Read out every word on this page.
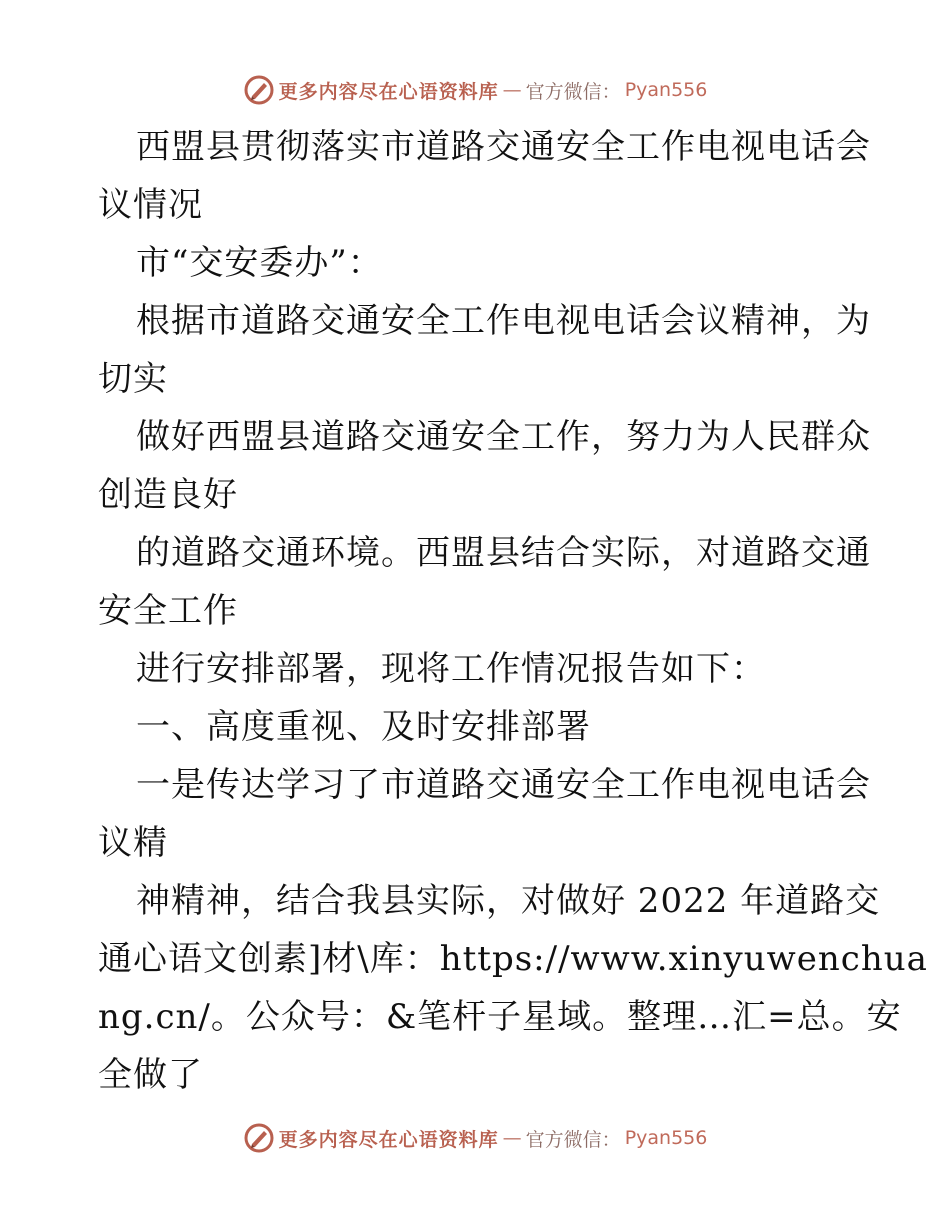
更多内容尽在心语资料库 — 官方微信： Pyan556
西盟县贯彻落实市道路交通安全工作电视电话会
议情况
市“交安委办”：
根据市道路交通安全工作电视电话会议精神，为
切实
做好西盟县道路交通安全工作，努力为人民群众
创造良好
的道路交通环境。西盟县结合实际，对道路交通
安全工作
进行安排部署，现将工作情况报告如下：
一、高度重视、及时安排部署
一是传达学习了市道路交通安全工作电视电话会
议精
神精神，结合我县实际，对做好 2022 年道路交
通心语文创素]材\库：https://www.xinyuwenchua
ng.cn/。公众号：&笔杆子星域。整理…汇=总。安
全做了
更多内容尽在心语资料库 — 官方微信： Pyan556
